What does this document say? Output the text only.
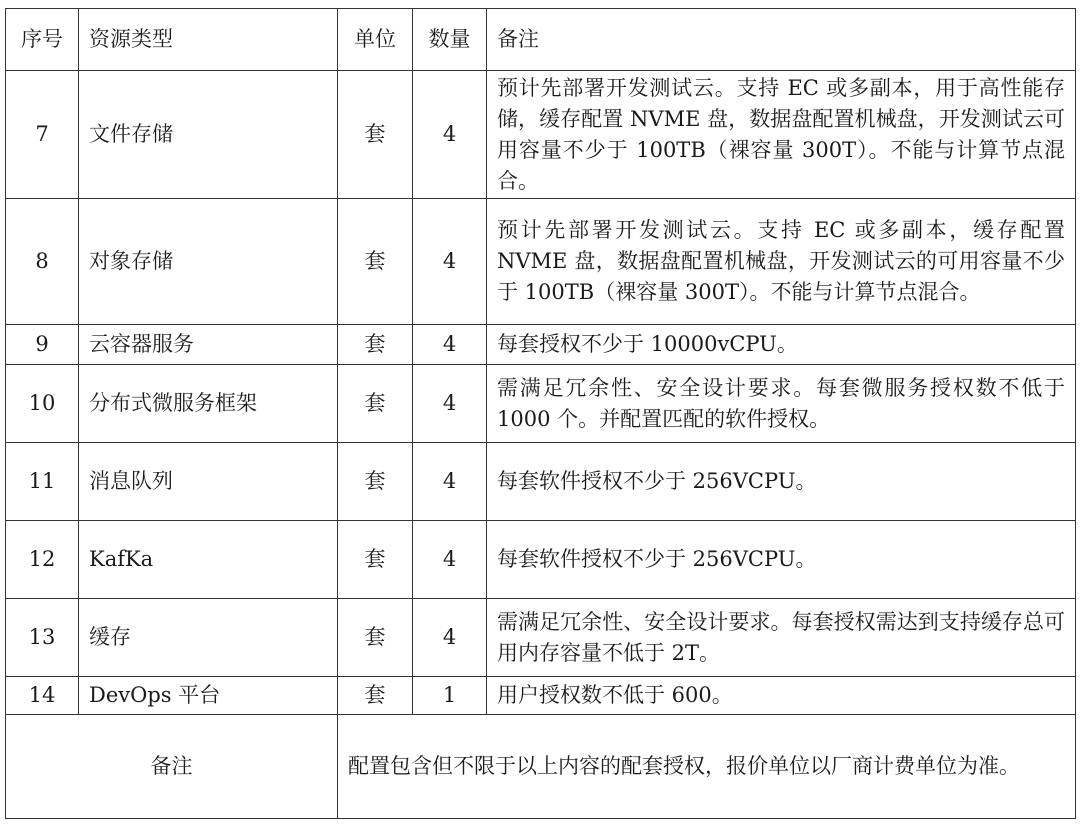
序号	资源类型	单位	数量	备注
7	文件存储	套	4	预计先部署开发测试云。支持 EC 或多副本，用于高性能存储，缓存配置 NVME 盘，数据盘配置机械盘，开发测试云可用容量不少于 100TB（裸容量 300T）。不能与计算节点混合。
8	对象存储	套	4	预计先部署开发测试云。支持 EC 或多副本，缓存配置 NVME 盘，数据盘配置机械盘，开发测试云的可用容量不少于 100TB（裸容量 300T）。不能与计算节点混合。
9	云容器服务	套	4	每套授权不少于 10000vCPU。
10	分布式微服务框架	套	4	需满足冗余性、安全设计要求。每套微服务授权数不低于 1000 个。并配置匹配的软件授权。
11	消息队列	套	4	每套软件授权不少于 256VCPU。
12	KafKa	套	4	每套软件授权不少于 256VCPU。
13	缓存	套	4	需满足冗余性、安全设计要求。每套授权需达到支持缓存总可用内存容量不低于 2T。
14	DevOps 平台	套	1	用户授权数不低于 600。
备注		配置包含但不限于以上内容的配套授权，报价单位以厂商计费单位为准。		
